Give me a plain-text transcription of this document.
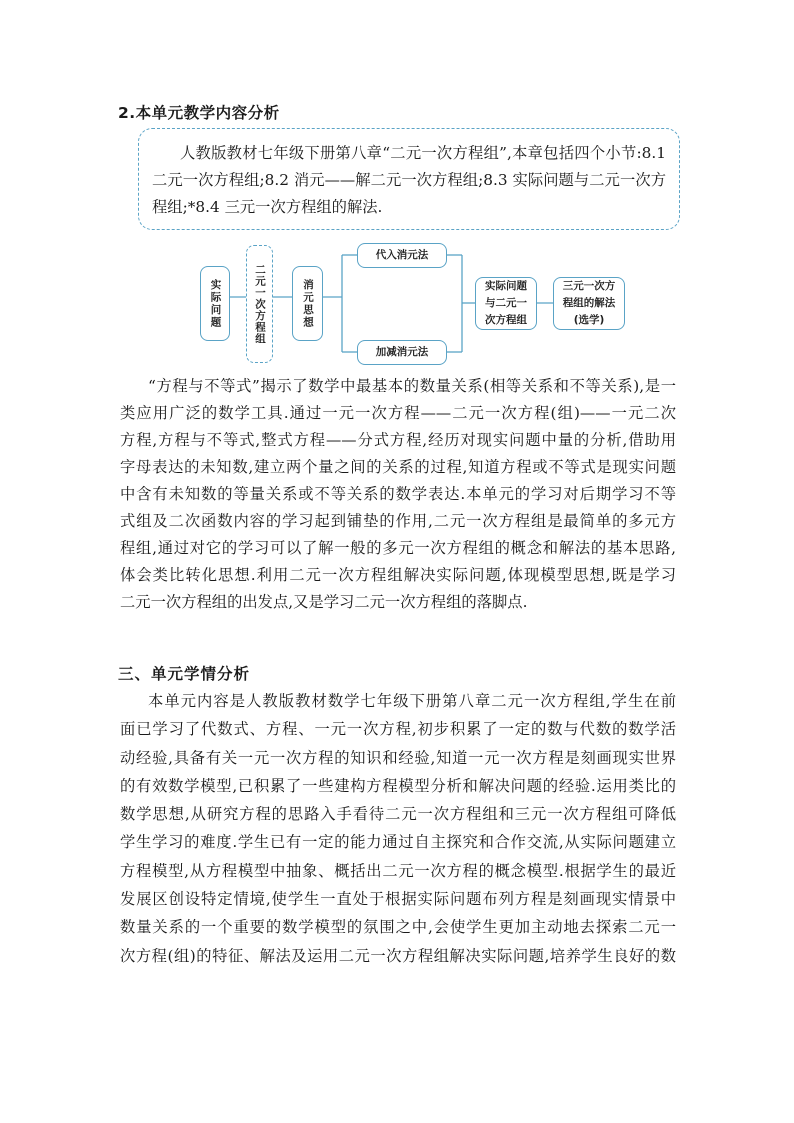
2.本单元教学内容分析
人教版教材七年级下册第八章“二元一次方程组”,本章包括四个小节:8.1
二元一次方程组;8.2 消元——解二元一次方程组;8.3 实际问题与二元一次方
程组;*8.4 三元一次方程组的解法.
实际问题	二元一次方程组	消元思想
代入消元法
加减消元法
实际问题
与二元一
次方程组
三元一次方
程组的解法
(选学)
“方程与不等式”揭示了数学中最基本的数量关系(相等关系和不等关系),是一
类应用广泛的数学工具.通过一元一次方程——二元一次方程(组)——一元二次
方程,方程与不等式,整式方程——分式方程,经历对现实问题中量的分析,借助用
字母表达的未知数,建立两个量之间的关系的过程,知道方程或不等式是现实问题
中含有未知数的等量关系或不等关系的数学表达.本单元的学习对后期学习不等
式组及二次函数内容的学习起到铺垫的作用,二元一次方程组是最简单的多元方
程组,通过对它的学习可以了解一般的多元一次方程组的概念和解法的基本思路,
体会类比转化思想.利用二元一次方程组解决实际问题,体现模型思想,既是学习
二元一次方程组的出发点,又是学习二元一次方程组的落脚点.
三、单元学情分析
本单元内容是人教版教材数学七年级下册第八章二元一次方程组,学生在前
面已学习了代数式、方程、一元一次方程,初步积累了一定的数与代数的数学活
动经验,具备有关一元一次方程的知识和经验,知道一元一次方程是刻画现实世界
的有效数学模型,已积累了一些建构方程模型分析和解决问题的经验.运用类比的
数学思想,从研究方程的思路入手看待二元一次方程组和三元一次方程组可降低
学生学习的难度.学生已有一定的能力通过自主探究和合作交流,从实际问题建立
方程模型,从方程模型中抽象、概括出二元一次方程的概念模型.根据学生的最近
发展区创设特定情境,使学生一直处于根据实际问题布列方程是刻画现实情景中
数量关系的一个重要的数学模型的氛围之中,会使学生更加主动地去探索二元一
次方程(组)的特征、解法及运用二元一次方程组解决实际问题,培养学生良好的数
